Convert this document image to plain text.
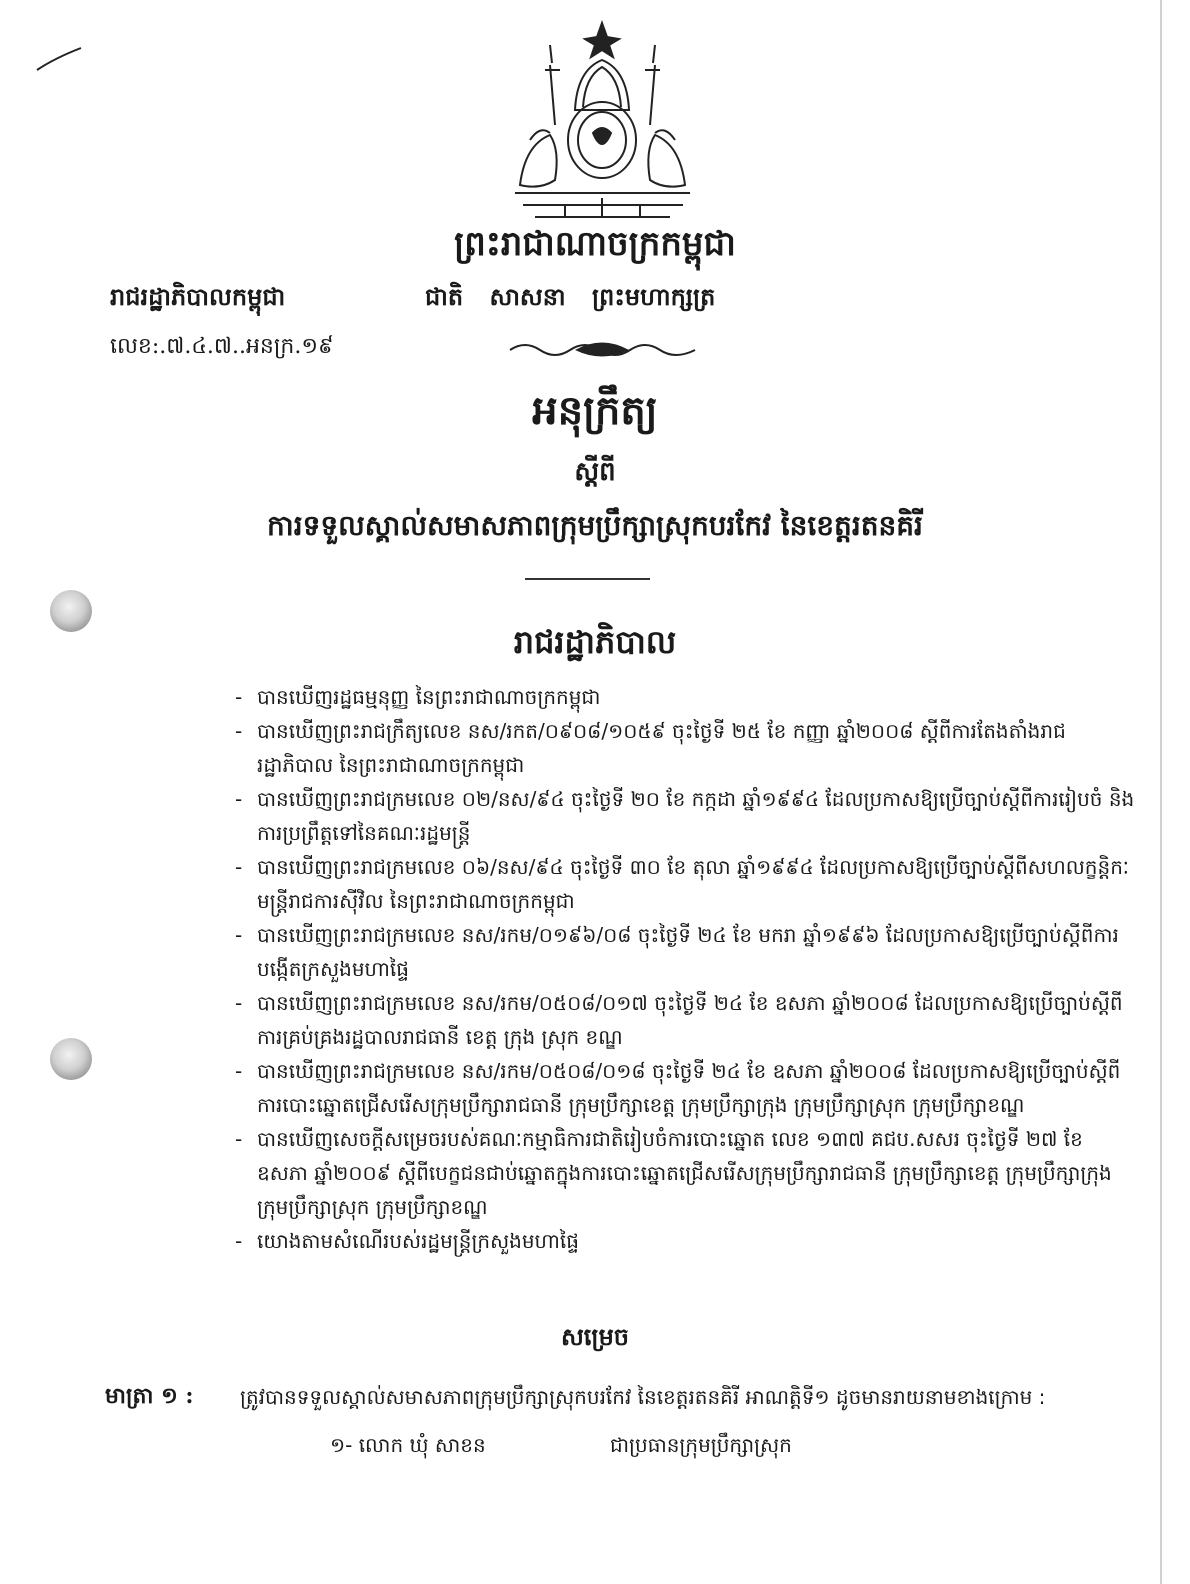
ព្រះរាជាណាចក្រកម្ពុជា
រាជរដ្ឋាភិបាលកម្ពុជា	ជាតិ សាសនា ព្រះមហាក្សត្រ
លេខ:.៧.៤.៧..អនក្រ.១៩
អនុក្រឹត្យ
ស្តីពី
ការទទួលស្គាល់សមាសភាពក្រុមប្រឹក្សាស្រុកបរកែវ នៃខេត្តរតនគិរី
រាជរដ្ឋាភិបាល
- បានឃើញរដ្ឋធម្មនុញ្ញ នៃព្រះរាជាណាចក្រកម្ពុជា
- បានឃើញព្រះរាជក្រឹត្យលេខ នស/រកត/០៩០៨/១០៥៩ ចុះថ្ងៃទី ២៥ ខែ កញ្ញា ឆ្នាំ២០០៨ ស្តីពីការតែងតាំងរាជរដ្ឋាភិបាល នៃព្រះរាជាណាចក្រកម្ពុជា
- បានឃើញព្រះរាជក្រមលេខ ០២/នស/៩៤ ចុះថ្ងៃទី ២០ ខែ កក្កដា ឆ្នាំ១៩៩៤ ដែលប្រកាសឱ្យប្រើច្បាប់ស្តីពីការរៀបចំ និងការប្រព្រឹត្តទៅនៃគណៈរដ្ឋមន្ត្រី
- បានឃើញព្រះរាជក្រមលេខ ០៦/នស/៩៤ ចុះថ្ងៃទី ៣០ ខែ តុលា ឆ្នាំ១៩៩៤ ដែលប្រកាសឱ្យប្រើច្បាប់ស្តីពីសហលក្ខន្តិកៈមន្ត្រីរាជការស៊ីវិល នៃព្រះរាជាណាចក្រកម្ពុជា
- បានឃើញព្រះរាជក្រមលេខ នស/រកម/០១៩៦/០៨ ចុះថ្ងៃទី ២៤ ខែ មករា ឆ្នាំ១៩៩៦ ដែលប្រកាសឱ្យប្រើច្បាប់ស្តីពីការបង្កើតក្រសួងមហាផ្ទៃ
- បានឃើញព្រះរាជក្រមលេខ នស/រកម/០៥០៨/០១៧ ចុះថ្ងៃទី ២៤ ខែ ឧសភា ឆ្នាំ២០០៨ ដែលប្រកាសឱ្យប្រើច្បាប់ស្តីពីការគ្រប់គ្រងរដ្ឋបាលរាជធានី ខេត្ត ក្រុង ស្រុក ខណ្ឌ
- បានឃើញព្រះរាជក្រមលេខ នស/រកម/០៥០៨/០១៨ ចុះថ្ងៃទី ២៤ ខែ ឧសភា ឆ្នាំ២០០៨ ដែលប្រកាសឱ្យប្រើច្បាប់ស្តីពីការបោះឆ្នោតជ្រើសរើសក្រុមប្រឹក្សារាជធានី ក្រុមប្រឹក្សាខេត្ត ក្រុមប្រឹក្សាក្រុង ក្រុមប្រឹក្សាស្រុក ក្រុមប្រឹក្សាខណ្ឌ
- បានឃើញសេចក្តីសម្រេចរបស់គណៈកម្មាធិការជាតិរៀបចំការបោះឆ្នោត លេខ ១៣៧ គជប.សសរ ចុះថ្ងៃទី ២៧ ខែ ឧសភា ឆ្នាំ២០០៩ ស្តីពីបេក្ខជនជាប់ឆ្នោតក្នុងការបោះឆ្នោតជ្រើសរើសក្រុមប្រឹក្សារាជធានី ក្រុមប្រឹក្សាខេត្ត ក្រុមប្រឹក្សាក្រុង ក្រុមប្រឹក្សាស្រុក ក្រុមប្រឹក្សាខណ្ឌ
- យោងតាមសំណើរបស់រដ្ឋមន្ត្រីក្រសួងមហាផ្ទៃ
សម្រេច
មាត្រា ១ : ត្រូវបានទទួលស្គាល់សមាសភាពក្រុមប្រឹក្សាស្រុកបរកែវ នៃខេត្តរតនគិរី អាណត្តិទី១ ដូចមានរាយនាមខាងក្រោម :
១- លោក ឃុំ សាខន	ជាប្រធានក្រុមប្រឹក្សាស្រុក
